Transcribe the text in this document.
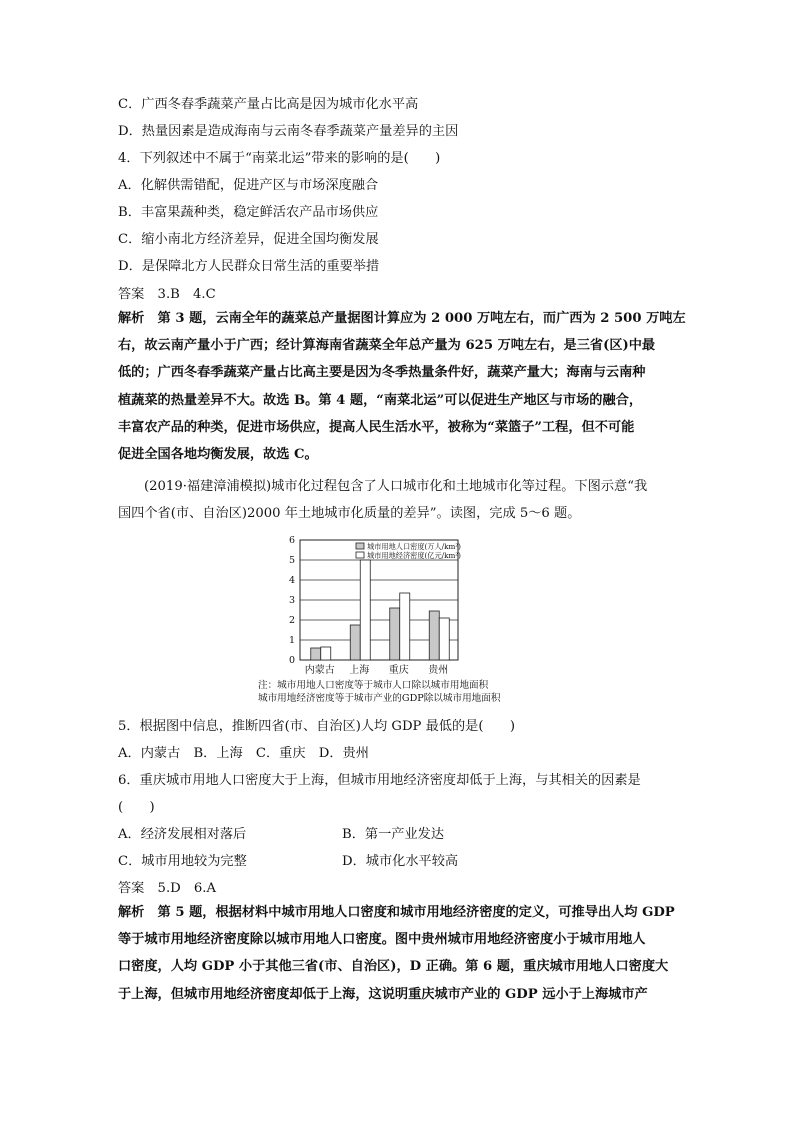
C．广西冬春季蔬菜产量占比高是因为城市化水平高
D．热量因素是造成海南与云南冬春季蔬菜产量差异的主因
4．下列叙述中不属于“南菜北运”带来的影响的是(　　)
A．化解供需错配，促进产区与市场深度融合
B．丰富果蔬种类，稳定鲜活农产品市场供应
C．缩小南北方经济差异，促进全国均衡发展
D．是保障北方人民群众日常生活的重要举措
答案　3.B　4.C
解析　第 3 题，云南全年的蔬菜总产量据图计算应为 2 000 万吨左右，而广西为 2 500 万吨左
右，故云南产量小于广西；经计算海南省蔬菜全年总产量为 625 万吨左右，是三省(区)中最
低的；广西冬春季蔬菜产量占比高主要是因为冬季热量条件好，蔬菜产量大；海南与云南种
植蔬菜的热量差异不大。故选 B。第 4 题，“南菜北运”可以促进生产地区与市场的融合，
丰富农产品的种类，促进市场供应，提高人民生活水平，被称为“菜篮子”工程，但不可能
促进全国各地均衡发展，故选 C。
(2019·福建漳浦模拟)城市化过程包含了人口城市化和土地城市化等过程。下图示意“我
国四个省(市、自治区)2000 年土地城市化质量的差异”。读图，完成 5～6 题。
0
1
2
3
4
5
6
内蒙古 上海 重庆 贵州
城市用地人口密度(万人/km²)
城市用地经济密度(亿元/km²)
注：城市用地人口密度等于城市人口除以城市用地面积
城市用地经济密度等于城市产业的GDP除以城市用地面积
5．根据图中信息，推断四省(市、自治区)人均 GDP 最低的是(　　)
A．内蒙古　B．上海　C．重庆　D．贵州
6．重庆城市用地人口密度大于上海，但城市用地经济密度却低于上海，与其相关的因素是
(　　)
A．经济发展相对落后	B．第一产业发达
C．城市用地较为完整	D．城市化水平较高
答案　5.D　6.A
解析　第 5 题，根据材料中城市用地人口密度和城市用地经济密度的定义，可推导出人均 GDP
等于城市用地经济密度除以城市用地人口密度。图中贵州城市用地经济密度小于城市用地人
口密度，人均 GDP 小于其他三省(市、自治区)，D 正确。第 6 题，重庆城市用地人口密度大
于上海，但城市用地经济密度却低于上海，这说明重庆城市产业的 GDP 远小于上海城市产
